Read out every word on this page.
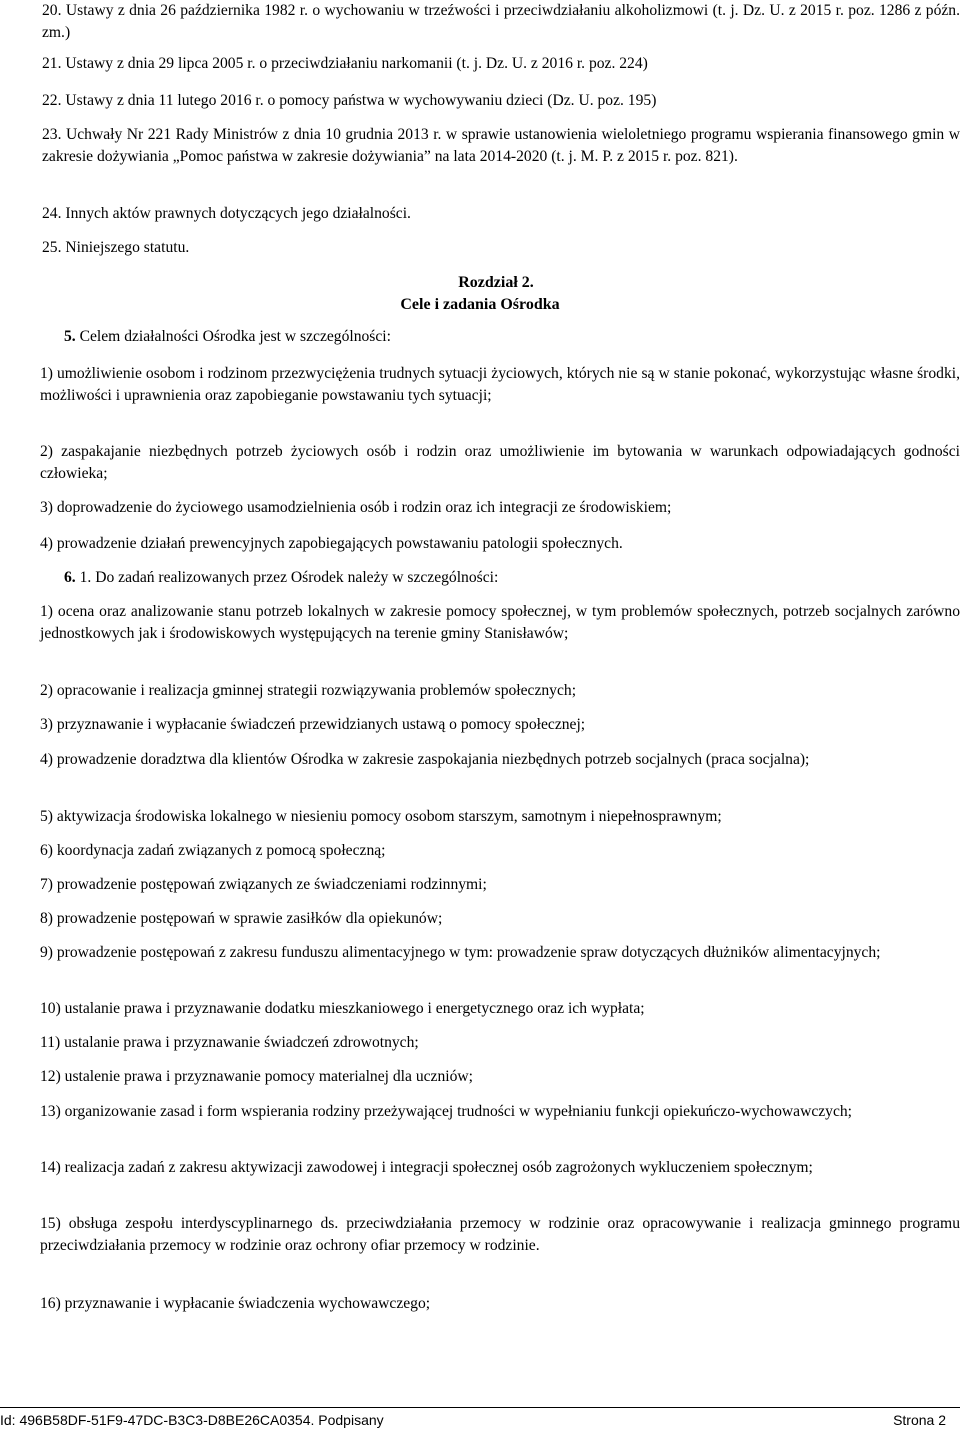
20. Ustawy z dnia 26 października 1982 r. o wychowaniu w trzeźwości i przeciwdziałaniu alkoholizmowi (t. j. Dz. U. z 2015 r. poz. 1286 z późn. zm.)
21. Ustawy z dnia 29 lipca 2005 r. o przeciwdziałaniu narkomanii (t. j. Dz. U. z 2016 r. poz. 224)
22. Ustawy z dnia 11 lutego 2016 r. o pomocy państwa w wychowywaniu dzieci (Dz. U. poz. 195)
23. Uchwały Nr 221 Rady Ministrów z dnia 10 grudnia 2013 r. w sprawie ustanowienia wieloletniego programu wspierania finansowego gmin w zakresie dożywiania „Pomoc państwa w zakresie dożywiania” na lata 2014-2020 (t. j. M. P. z 2015 r. poz. 821).
24. Innych aktów prawnych dotyczących jego działalności.
25. Niniejszego statutu.
Rozdział 2.
Cele i zadania Ośrodka
5. Celem działalności Ośrodka jest w szczególności:
1) umożliwienie osobom i rodzinom przezwyciężenia trudnych sytuacji życiowych, których nie są w stanie pokonać, wykorzystując własne środki, możliwości i uprawnienia oraz zapobieganie powstawaniu tych sytuacji;
2) zaspakajanie niezbędnych potrzeb życiowych osób i rodzin oraz umożliwienie im bytowania w warunkach odpowiadających godności człowieka;
3) doprowadzenie do życiowego usamodzielnienia osób i rodzin oraz ich integracji ze środowiskiem;
4) prowadzenie działań prewencyjnych zapobiegających powstawaniu patologii społecznych.
6. 1. Do zadań realizowanych przez Ośrodek należy w szczególności:
1) ocena oraz analizowanie stanu potrzeb lokalnych w zakresie pomocy społecznej, w tym problemów społecznych, potrzeb socjalnych zarówno jednostkowych jak i środowiskowych występujących na terenie gminy Stanisławów;
2) opracowanie i realizacja gminnej strategii rozwiązywania problemów społecznych;
3) przyznawanie i wypłacanie świadczeń przewidzianych ustawą o pomocy społecznej;
4) prowadzenie doradztwa dla klientów Ośrodka w zakresie zaspokajania niezbędnych potrzeb socjalnych (praca socjalna);
5) aktywizacja środowiska lokalnego w niesieniu pomocy osobom starszym, samotnym i niepełnosprawnym;
6) koordynacja zadań związanych z pomocą społeczną;
7) prowadzenie postępowań związanych ze świadczeniami rodzinnymi;
8) prowadzenie postępowań w sprawie zasiłków dla opiekunów;
9) prowadzenie postępowań z zakresu funduszu alimentacyjnego w tym: prowadzenie spraw dotyczących dłużników alimentacyjnych;
10) ustalanie prawa i przyznawanie dodatku mieszkaniowego i energetycznego oraz ich wypłata;
11) ustalanie prawa i przyznawanie świadczeń zdrowotnych;
12) ustalenie prawa i przyznawanie pomocy materialnej dla uczniów;
13) organizowanie zasad i form wspierania rodziny przeżywającej trudności w wypełnianiu funkcji opiekuńczo-wychowawczych;
14) realizacja zadań z zakresu aktywizacji zawodowej i integracji społecznej osób zagrożonych wykluczeniem społecznym;
15) obsługa zespołu interdyscyplinarnego ds. przeciwdziałania przemocy w rodzinie oraz opracowywanie i realizacja gminnego programu przeciwdziałania przemocy w rodzinie oraz ochrony ofiar przemocy w rodzinie.
16) przyznawanie i wypłacanie świadczenia wychowawczego;
Id: 496B58DF-51F9-47DC-B3C3-D8BE26CA0354. Podpisany	Strona 2
